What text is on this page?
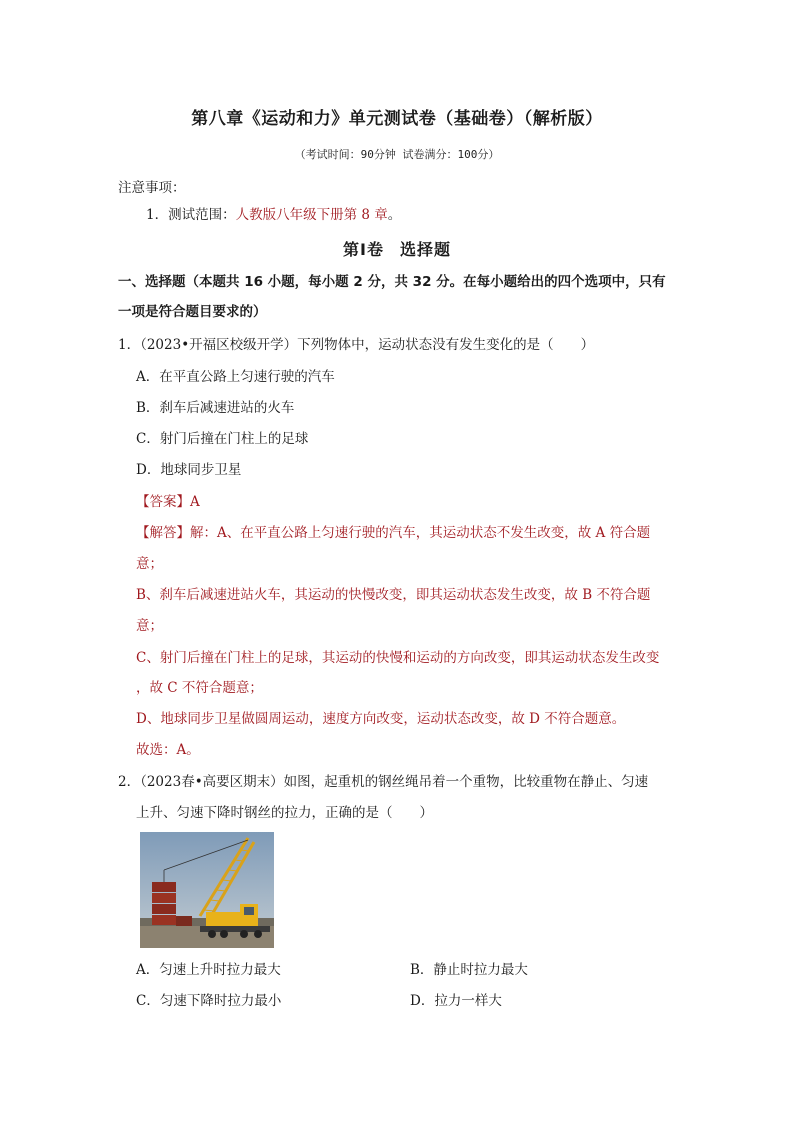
第八章《运动和力》单元测试卷（基础卷）（解析版）
（考试时间：90分钟 试卷满分：100分）
注意事项：
1．测试范围：人教版八年级下册第 8 章。
第Ⅰ卷 选择题
一、选择题（本题共 16 小题，每小题 2 分，共 32 分。在每小题给出的四个选项中，只有
一项是符合题目要求的）
1．（2023•开福区校级开学）下列物体中，运动状态没有发生变化的是（　　）
A．在平直公路上匀速行驶的汽车
B．刹车后减速进站的火车
C．射门后撞在门柱上的足球
D．地球同步卫星
【答案】A
【解答】解：A、在平直公路上匀速行驶的汽车，其运动状态不发生改变，故 A 符合题
意；
B、刹车后减速进站火车，其运动的快慢改变，即其运动状态发生改变，故 B 不符合题
意；
C、射门后撞在门柱上的足球，其运动的快慢和运动的方向改变，即其运动状态发生改变
，故 C 不符合题意；
D、地球同步卫星做圆周运动，速度方向改变，运动状态改变，故 D 不符合题意。
故选：A。
2．（2023春•高要区期末）如图，起重机的钢丝绳吊着一个重物，比较重物在静止、匀速
上升、匀速下降时钢丝的拉力，正确的是（　　）
A．匀速上升时拉力最大	B．静止时拉力最大
C．匀速下降时拉力最小	D．拉力一样大
